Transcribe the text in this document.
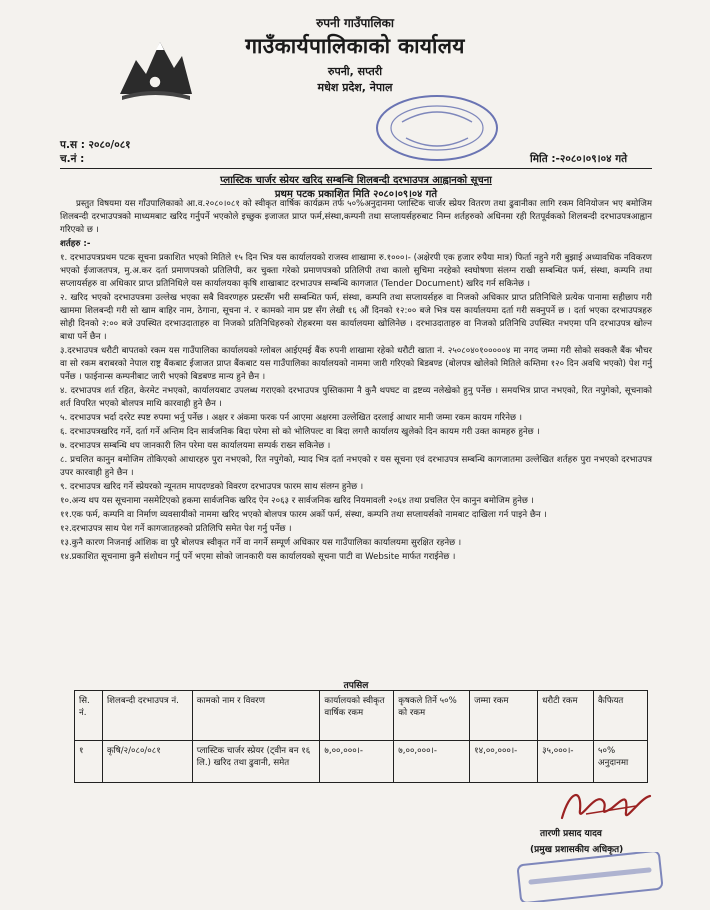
रुपनी गाउँपालिका
गाउँकार्यपालिकाको कार्यालय
रुपनी, सप्तरी
मधेश प्रदेश, नेपाल
प.स : २०८०/०८१
च.नं :	मिति :-२०८०।०९।०४ गते
प्लास्टिक चार्जर स्प्रेयर खरिद सम्बन्धि शिलबन्दी दरभाउपत्र आह्वानको सूचना
प्रथम पटक प्रकाशित मिति २०८०।०९।०४ गते

प्रस्तुत विषयमा यस गाँउपालिकाको आ.व.२०८०।०८१ को स्वीकृत वार्षिक कार्यक्रम तर्फ ५०%अनुदानमा प्लास्टिक चार्जर स्प्रेयर वितरण तथा ढुवानीका लागि रकम विनियोजन भए बमोजिम शिलबन्दी दरभाउपत्रको माध्यमबाट खरिद गर्नुपर्ने भएकोले इच्छुक इजाजत प्राप्त फर्म,संस्था,कम्पनी तथा सप्लायर्सहरुबाट निम्न शर्तहरुको अधिनमा रही रितपूर्वकको शिलबन्दी दरभाउपत्रआह्वान गरिएको छ ।

शर्तहरु :-

१. दरभाउपत्रप्रथम पटक सूचना प्रकाशित भएको मितिले १५ दिन भित्र यस कार्यालयको राजस्व शाखामा रु.१०००।- (अक्षेरपी एक हजार रुपैया मात्र) फिर्ता नहुने गरी बुझाई अध्यावधिक नविकरण भएको ईजाजतपत्र, मु.अ.कर दर्ता प्रमाणपत्रको प्रतिलिपी, कर चुक्ता गरेको प्रमाणपत्रको प्रतिलिपी तथा कालो सुचिमा नरहेको स्वघोषणा संलग्न राखी सम्बन्धित फर्म, संस्था, कम्पनि तथा सप्लायर्सहरु वा अधिकार प्राप्त प्रतिनिधिले यस कार्यालयका कृषि शाखाबाट दरभाउपत्र सम्बन्धि कागजात (Tender Document) खरिद गर्न सकिनेछ ।

२. खरिद भएको दरभाउपत्रमा उल्लेख भएका सबै विवरणहरु प्रस्टसँग भरी सम्बन्धित फर्म, संस्था, कम्पनि तथा सप्लायर्सहरु वा निजको अधिकार प्राप्त प्रतिनिधिले प्रत्येक पानामा सहीछाप गरी खाममा शिलबन्दी गरी सो खाम बाहिर नाम, ठेगाना, सूचना नं. र कामको नाम प्रष्ट सँग लेखी १६ औं दिनको १२:०० बजे भित्र यस कार्यालयमा दर्ता गरी सक्नुपर्ने छ । दर्ता भएका दरभाउपत्रहरु सोही दिनको २:०० बजे उपस्थित दरभाउदाताहरु वा निजको प्रतिनिधिहरुको रोहबरमा यस कार्यालयमा खोलिनेछ । दरभाउदाताहरु वा निजको प्रतिनिधि उपस्थित नभएमा पनि दरभाउपत्र खोल्न बाधा पर्ने छैन ।

३.दरभाउपत्र धरौटी बापतको रकम यस गाउँपालिका कार्यालयको ग्लोबल आईएमई बैंक रुपनी शाखामा रहेको धरौटी खाता नं. २५०८०४०१०००००४ मा नगद जम्मा गरी सोको सक्कलै बैंक भौचर वा सो रकम बराबरको नेपाल राष्ट्र बैंकबाट ईजाजत प्राप्त बैंकबाट यस गाउँपालिका कार्यालयको नाममा जारी गरिएको बिडबण्ड (बोलपत्र खोलेको मितिले कम्तिमा १२० दिन अवधि भएको) पेश गर्नु पर्नेछ । फाईनान्स कम्पनीबाट जारी भएको बिडबण्ड मान्य हुने छैन ।

४. दरभाउपत्र शर्त रहित, केरमेट नभएको, कार्यालयबाट उपलब्ध गराएको दरभाउपत्र पुस्तिकामा नै कुनै थपघट वा द्रष्टव्य नलेखेको हुनु पर्नेछ । समयभित्र प्राप्त नभएको, रित नपुगेको, सूचनाको शर्त विपरित भएको बोलपत्र माथि कारवाही हुने छैन ।

५. दरभाउपत्र भर्दा दररेट स्पष्ट रुपमा भर्नु पर्नेछ । अक्षर र अंकमा फरक पर्न आएमा अक्षरमा उल्लेखित दरलाई आधार मानी जम्मा रकम कायम गरिनेछ ।

६. दरभाउपत्रखरिद गर्ने, दर्ता गर्ने अन्तिम दिन सार्वजनिक बिदा परेमा सो को भोलिपल्ट वा बिदा लगत्तै कार्यालय खुलेको दिन कायम गरी उक्त कामहरु हुनेछ ।

७. दरभाउपत्र सम्बन्धि थप जानकारी लिन परेमा यस कार्यालयमा सम्पर्क राख्न सकिनेछ ।

८. प्रचलित कानुन बमोजिम तोकिएको आधारहरु पुरा नभएको, रित नपुगेको, म्याद भित्र दर्ता नभएको र यस सूचना एवं दरभाउपत्र सम्बन्धि कागजातमा उल्लेखित शर्तहरु पुरा नभएको दरभाउपत्र उपर कारवाही हुने छैन ।

९. दरभाउपत्र खरिद गर्ने स्प्रेयरको न्यूनतम मापदण्डको विवरण दरभाउपत्र फारम साथ संलग्न हुनेछ ।

१०.अन्य थप यस सूचनामा नसमेटिएको हकमा सार्वजनिक खरिद ऐन २०६३ र सार्वजनिक खरिद नियमावली २०६४ तथा प्रचलित ऐन कानुन बमोजिम हुनेछ ।

११.एक फर्म, कम्पनि वा निर्माण व्यवसायीको नाममा खरिद भएको बोलपत्र फारम अर्को फर्म, संस्था, कम्पनि तथा सप्लायर्सको नामबाट दाखिला गर्न पाइने छैन ।

१२.दरभाउपत्र साथ पेश गर्ने कागजातहरुको प्रतिलिपि समेत पेश गर्नु पर्नेछ ।

१३.कुनै कारण निजनाई आंशिक वा पुरै बोलपत्र स्वीकृत गर्ने वा नगर्ने सम्पूर्ण अधिकार यस गाउँपालिका कार्यालयमा सुरक्षित रहनेछ ।

१४.प्रकाशित सूचनामा कुनै संशोधन गर्नु पर्ने भएमा सोको जानकारी यस कार्यालयको सूचना पाटी वा Website मार्फत गराईनेछ ।

तपसिल
सि. नं.	शिलबन्दी दरभाउपत्र नं.	कामको नाम र विवरण	कार्यालयको स्वीकृत वार्षिक रकम	कृषकले तिर्ने ५०% को रकम	जम्मा रकम	धरौटी रकम	कैफियत
१	कृषि/२/०८०/०८१	प्लास्टिक चार्जर स्प्रेयर (ट्वीन बन १६ लि.) खरिद तथा ढुवानी, समेत	७,००,०००।-	७,००,०००।-	१४,००,०००।-	३५,०००।-	५०% अनुदानमा
तारणी प्रसाद यादव
(प्रमुख प्रशासकीय अधिकृत)
